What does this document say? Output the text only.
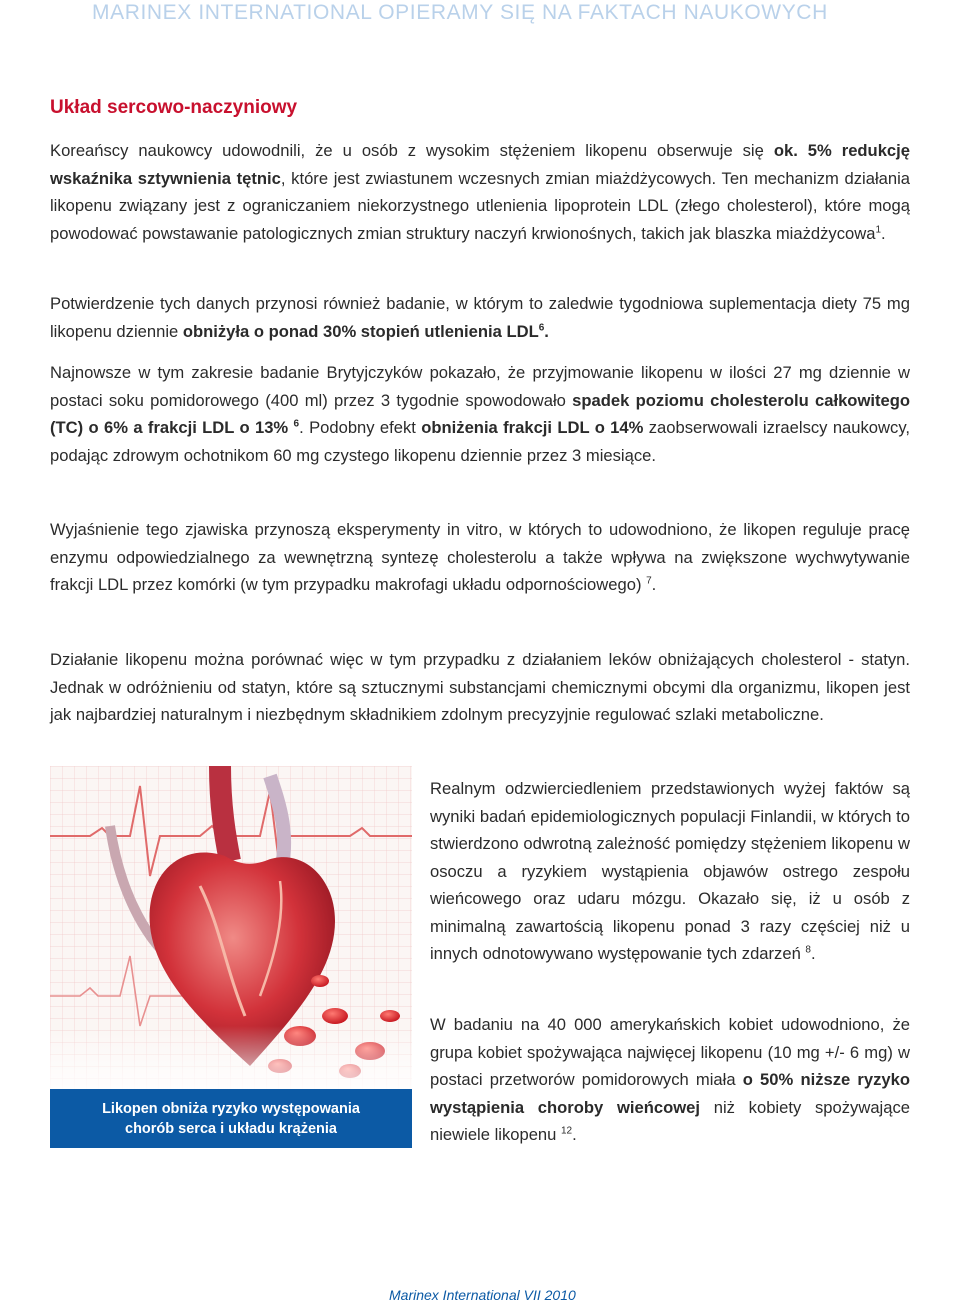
MARINEX INTERNATIONAL OPIERAMY SIĘ NA FAKTACH NAUKOWYCH
Układ sercowo-naczyniowy

Koreańscy naukowcy udowodnili, że u osób z wysokim stężeniem likopenu obserwuje się ok. 5% redukcję wskaźnika sztywnienia tętnic, które jest zwiastunem wczesnych zmian miażdżycowych. Ten mechanizm działania likopenu związany jest z ograniczaniem niekorzystnego utlenienia lipoprotein LDL (złego cholesterol), które mogą powodować powstawanie patologicznych zmian struktury naczyń krwionośnych, takich jak blaszka miażdżycowa$^1$.

Potwierdzenie tych danych przynosi również badanie, w którym to zaledwie tygodniowa suplementacja diety 75 mg likopenu dziennie obniżyła o ponad 30% stopień utlenienia LDL$^6$.

Najnowsze w tym zakresie badanie Brytyjczyków pokazało, że przyjmowanie likopenu w ilości 27 mg dziennie w postaci soku pomidorowego (400 ml) przez 3 tygodnie spowodowało spadek poziomu cholesterolu całkowitego (TC) o 6% a frakcji LDL o 13% $^6$. Podobny efekt obniżenia frakcji LDL o 14% zaobserwowali izraelscy naukowcy, podając zdrowym ochotnikom 60 mg czystego likopenu dziennie przez 3 miesiące.

Wyjaśnienie tego zjawiska przynoszą eksperymenty in vitro, w których to udowodniono, że likopen reguluje pracę enzymu odpowiedzialnego za wewnętrzną syntezę cholesterolu a także wpływa na zwiększone wychwytywanie frakcji LDL przez komórki (w tym przypadku makrofagi układu odpornościowego) $^7$.

Działanie likopenu można porównać więc w tym przypadku z działaniem leków obniżających cholesterol - statyn. Jednak w odróżnieniu od statyn, które są sztucznymi substancjami chemicznymi obcymi dla organizmu, likopen jest jak najbardziej naturalnym i niezbędnym składnikiem zdolnym precyzyjnie regulować szlaki metaboliczne.

Likopen obniża ryzyko występowania
chorób serca i układu krążenia

Realnym odzwierciedleniem przedstawionych wyżej faktów są wyniki badań epidemiologicznych populacji Finlandii, w których to stwierdzono odwrotną zależność pomiędzy stężeniem likopenu w osoczu a ryzykiem wystąpienia objawów ostrego zespołu wieńcowego oraz udaru mózgu. Okazało się, iż u osób z minimalną zawartością likopenu ponad 3 razy częściej niż u innych odnotowywano występowanie tych zdarzeń $^8$.

W badaniu na 40 000 amerykańskich kobiet udowodniono, że grupa kobiet spożywająca najwięcej likopenu (10 mg +/- 6 mg) w postaci przetworów pomidorowych miała o 50% niższe ryzyko wystąpienia choroby wieńcowej niż kobiety spożywające niewiele likopenu $^{12}$.

Marinex International VII 2010
